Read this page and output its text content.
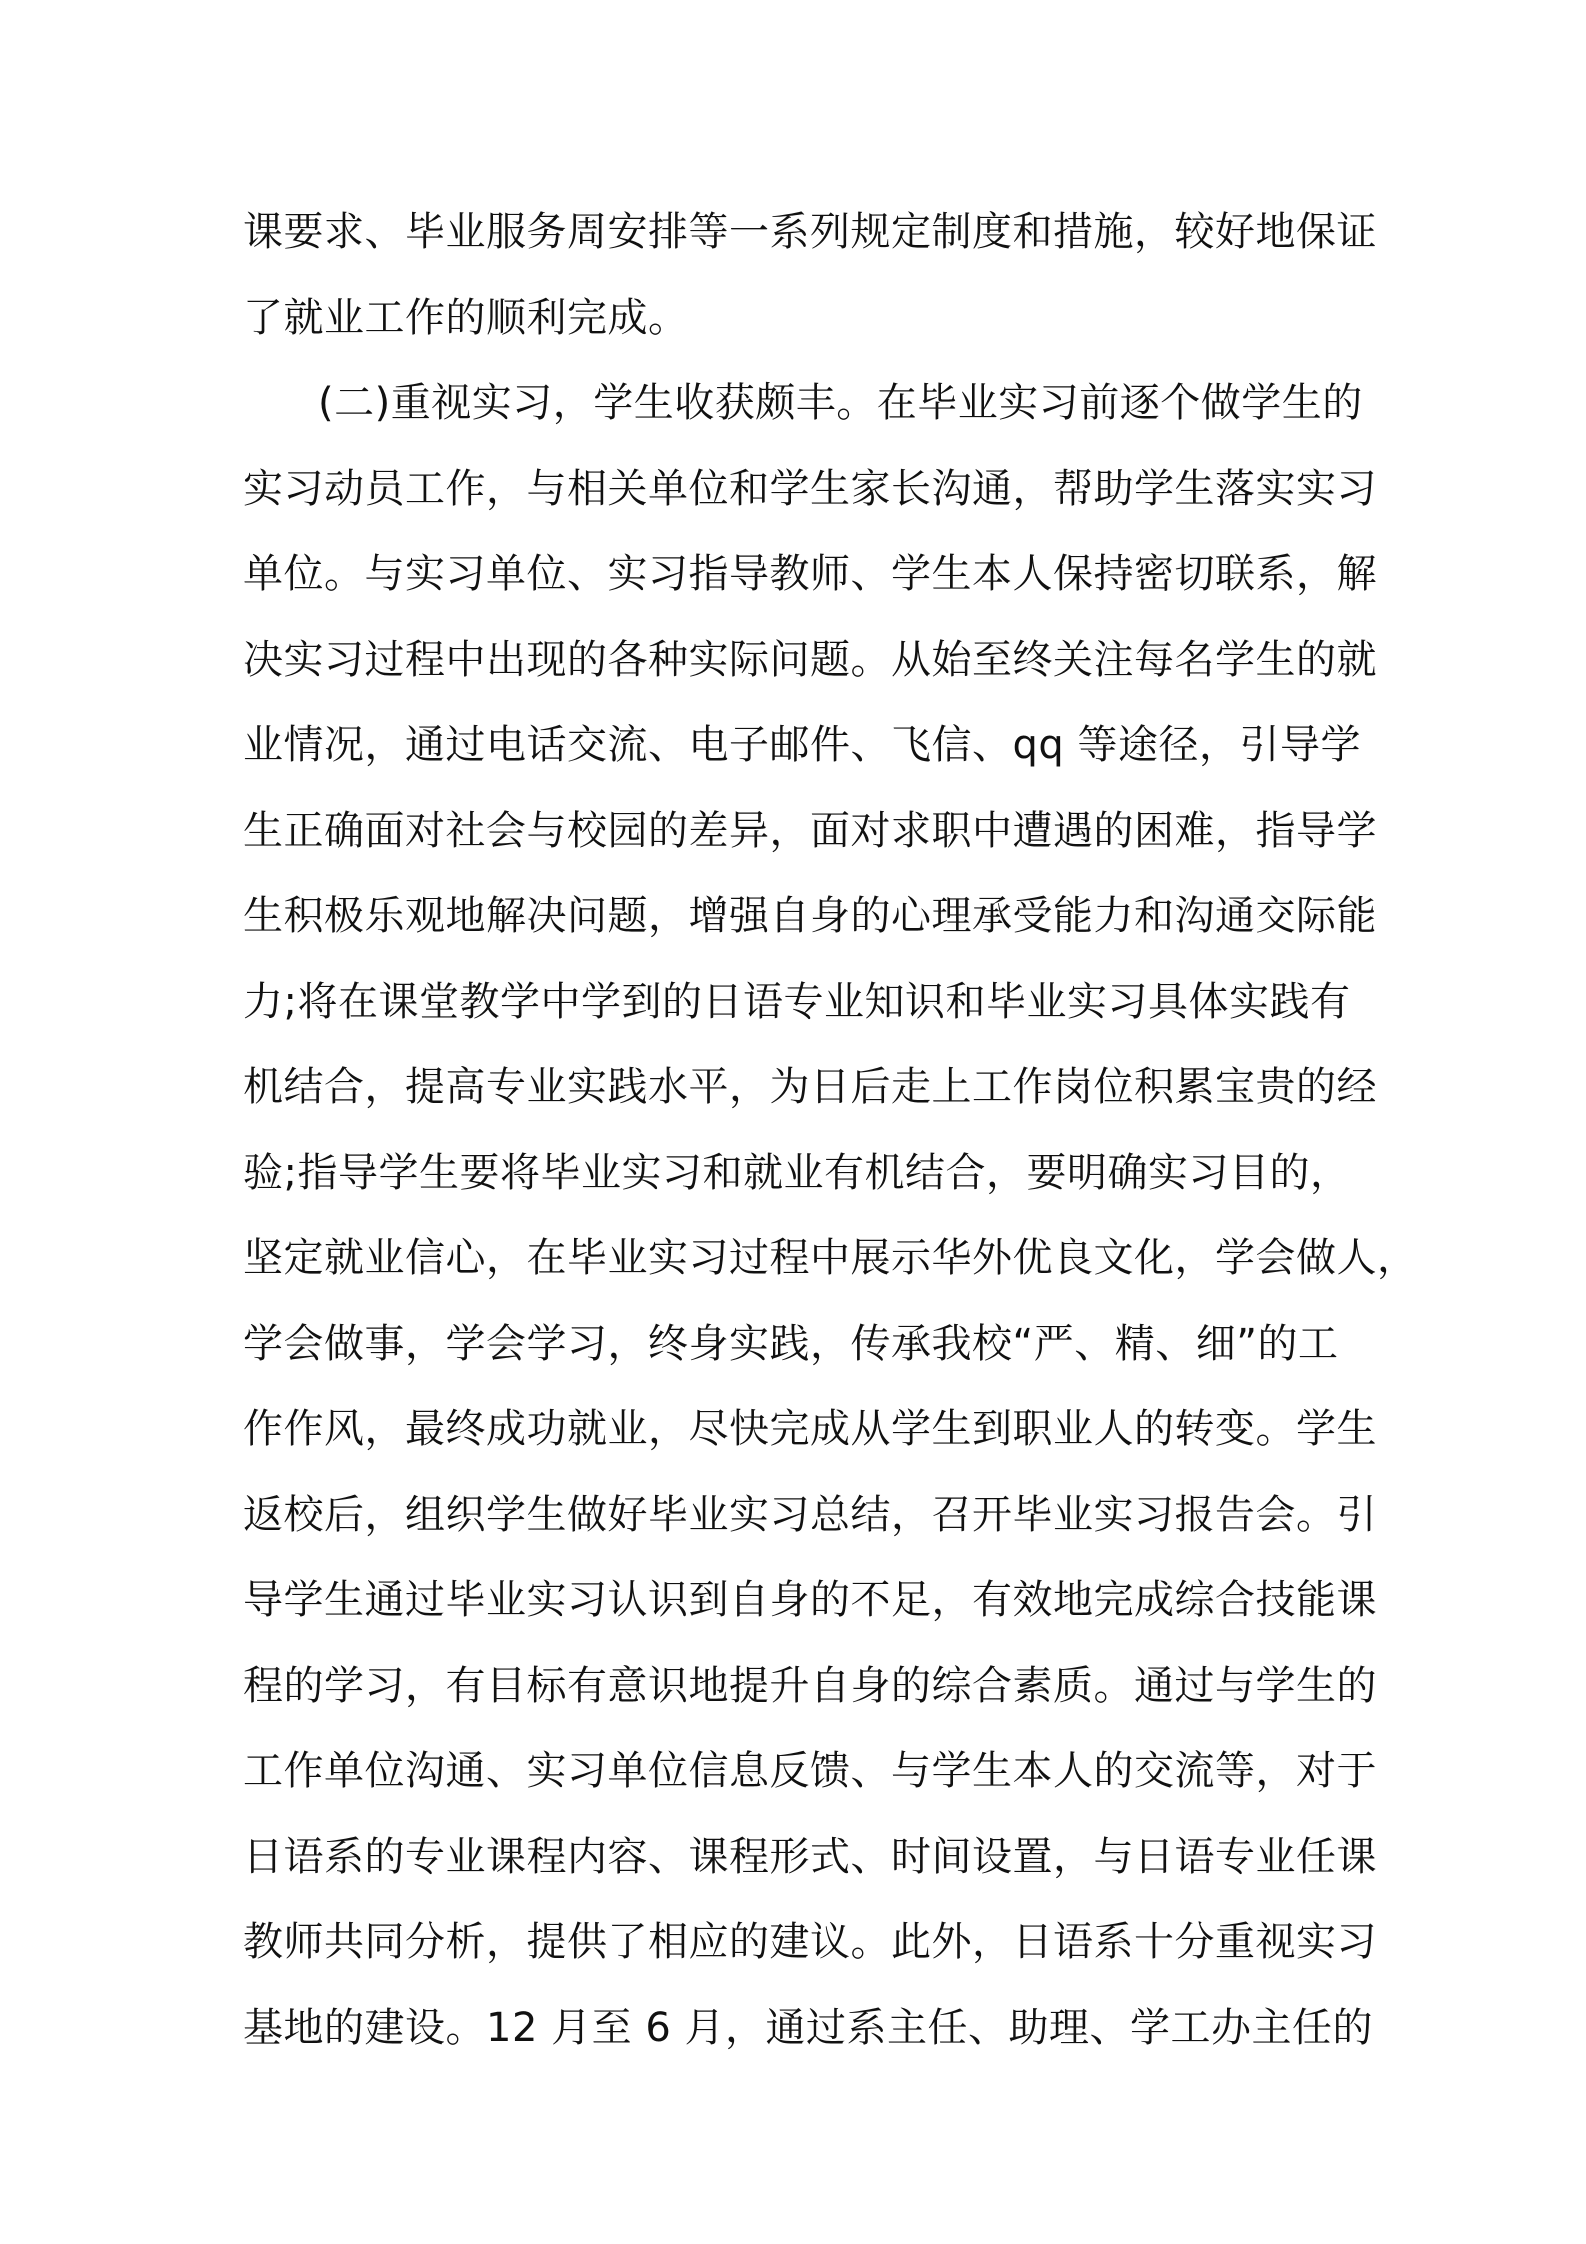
课要求、毕业服务周安排等一系列规定制度和措施，较好地保证
了就业工作的顺利完成。
(二)重视实习，学生收获颇丰。在毕业实习前逐个做学生的
实习动员工作，与相关单位和学生家长沟通，帮助学生落实实习
单位。与实习单位、实习指导教师、学生本人保持密切联系，解
决实习过程中出现的各种实际问题。从始至终关注每名学生的就
业情况，通过电话交流、电子邮件、飞信、qq 等途径，引导学
生正确面对社会与校园的差异，面对求职中遭遇的困难，指导学
生积极乐观地解决问题，增强自身的心理承受能力和沟通交际能
力;将在课堂教学中学到的日语专业知识和毕业实习具体实践有
机结合，提高专业实践水平，为日后走上工作岗位积累宝贵的经
验;指导学生要将毕业实习和就业有机结合，要明确实习目的，
坚定就业信心，在毕业实习过程中展示华外优良文化，学会做人，
学会做事，学会学习，终身实践，传承我校“严、精、细”的工
作作风，最终成功就业，尽快完成从学生到职业人的转变。学生
返校后，组织学生做好毕业实习总结，召开毕业实习报告会。引
导学生通过毕业实习认识到自身的不足，有效地完成综合技能课
程的学习，有目标有意识地提升自身的综合素质。通过与学生的
工作单位沟通、实习单位信息反馈、与学生本人的交流等，对于
日语系的专业课程内容、课程形式、时间设置，与日语专业任课
教师共同分析，提供了相应的建议。此外，日语系十分重视实习
基地的建设。12 月至 6 月，通过系主任、助理、学工办主任的
